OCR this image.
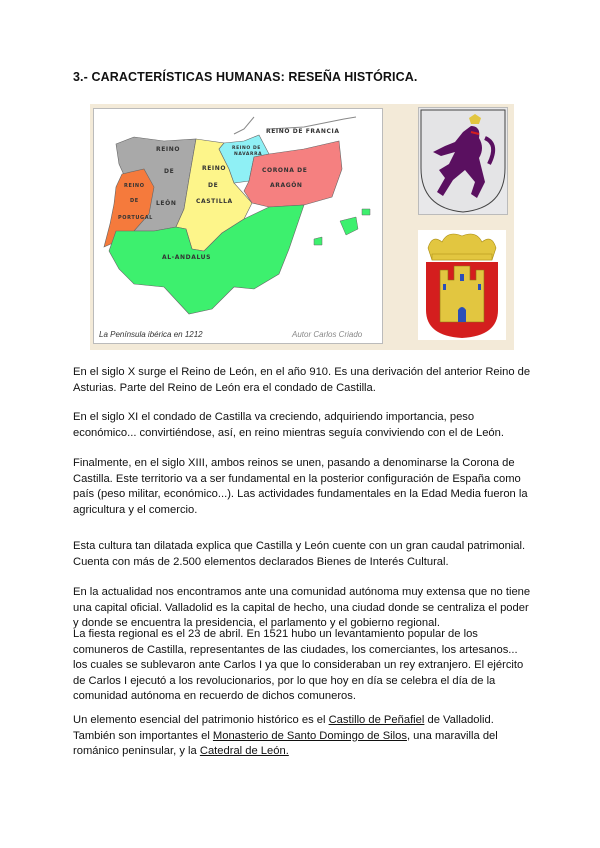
3.- CARACTERÍSTICAS HUMANAS: RESEÑA HISTÓRICA.
REINO DE FRANCIA
REINO DE
NAVARRA
REINO
DE
LEÓN
REINO
DE
CASTILLA
CORONA DE
ARAGÓN
REINO
DE
PORTUGAL
AL-ANDALUS
La Península ibérica en 1212	Autor Carlos Criado
En el siglo X surge el Reino de León, en el año 910. Es una derivación del anterior Reino de
Asturias. Parte del Reino de León era el condado de Castilla.
En el siglo XI el condado de Castilla va creciendo, adquiriendo importancia, peso
económico... convirtiéndose, así, en reino mientras seguía conviviendo con el de León.
Finalmente, en el siglo XIII, ambos reinos se unen, pasando a denominarse la Corona de
Castilla. Este territorio va a ser fundamental en la posterior configuración de España como
país (peso militar, económico...). Las actividades fundamentales en la Edad Media fueron la
agricultura y el comercio.
Esta cultura tan dilatada explica que Castilla y León cuente con un gran caudal patrimonial.
Cuenta con más de 2.500 elementos declarados Bienes de Interés Cultural.
En la actualidad nos encontramos ante una comunidad autónoma muy extensa que no tiene
una capital oficial. Valladolid es la capital de hecho, una ciudad donde se centraliza el poder
y donde se encuentra la presidencia, el parlamento y el gobierno regional.
La fiesta regional es el 23 de abril. En 1521 hubo un levantamiento popular de los
comuneros de Castilla, representantes de las ciudades, los comerciantes, los artesanos...
los cuales se sublevaron ante Carlos I ya que lo consideraban un rey extranjero. El ejército
de Carlos I ejecutó a los revolucionarios, por lo que hoy en día se celebra el día de la
comunidad autónoma en recuerdo de dichos comuneros.
Un elemento esencial del patrimonio histórico es el Castillo de Peñafiel de Valladolid.
También son importantes el Monasterio de Santo Domingo de Silos, una maravilla del
románico peninsular, y la Catedral de León.
